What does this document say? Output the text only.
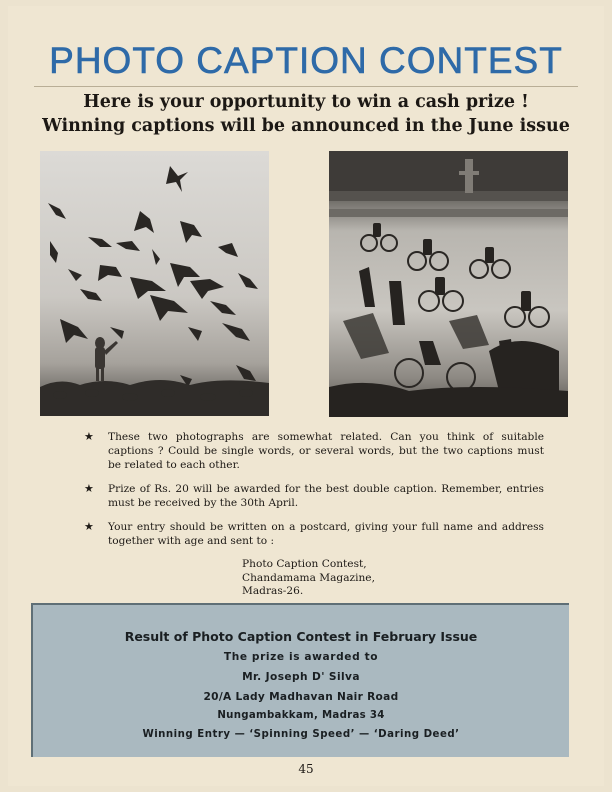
PHOTO CAPTION CONTEST

Here is your opportunity to win a cash prize !

Winning captions will be announced in the June issue

★ These two photographs are somewhat related. Can you think of suitable captions ? Could be single words, or several words, but the two captions must be related to each other.
★ Prize of Rs. 20 will be awarded for the best double caption. Remember, entries must be received by the 30th April.
★ Your entry should be written on a postcard, giving your full name and address together with age and sent to :
Photo Caption Contest,
Chandamama Magazine,
Madras-26.

Result of Photo Caption Contest in February Issue

The prize is awarded to

Mr. Joseph D' Silva

20/A Lady Madhavan Nair Road

Nungambakkam, Madras 34

Winning Entry — ‘Spinning Speed’ — ‘Daring Deed’

45
